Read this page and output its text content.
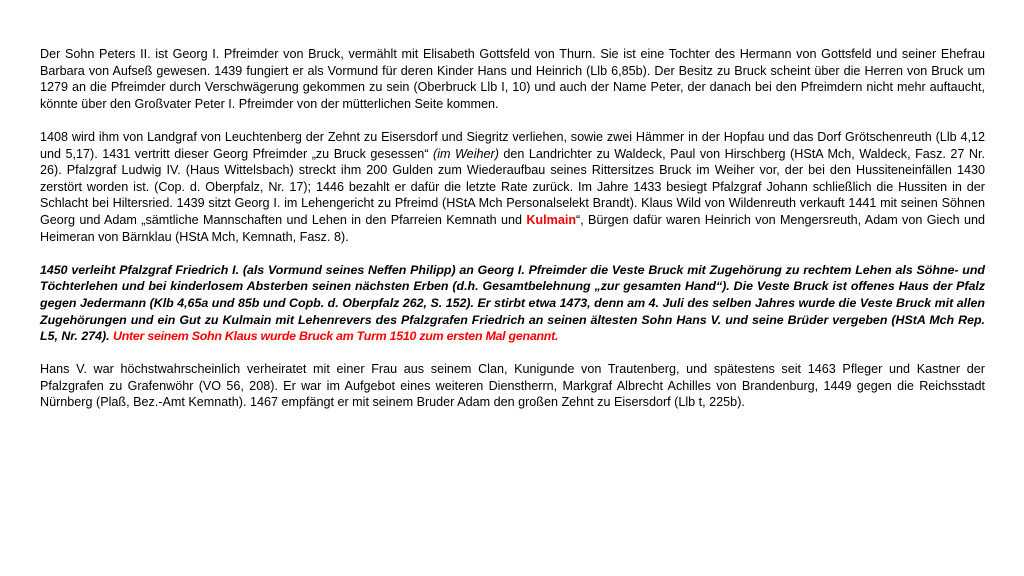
Der Sohn Peters II. ist Georg I. Pfreimder von Bruck, vermählt mit Elisabeth Gottsfeld von Thurn. Sie ist eine Tochter des Hermann von Gottsfeld und seiner Ehefrau Barbara von Aufseß gewesen. 1439 fungiert er als Vormund für deren Kinder Hans und Heinrich (Llb 6,85b). Der Besitz zu Bruck scheint über die Herren von Bruck um 1279 an die Pfreimder durch Verschwägerung gekommen zu sein (Oberbruck Llb I, 10) und auch der Name Peter, der danach bei den Pfreimdern nicht mehr auftaucht, könnte über den Großvater Peter I. Pfreimder von der mütterlichen Seite kommen.

1408 wird ihm von Landgraf von Leuchtenberg der Zehnt zu Eisersdorf und Siegritz verliehen, sowie zwei Hämmer in der Hopfau und das Dorf Grötschenreuth (Llb 4,12 und 5,17). 1431 vertritt dieser Georg Pfreimder „zu Bruck gesessen“ (im Weiher) den Landrichter zu Waldeck, Paul von Hirschberg (HStA Mch, Waldeck, Fasz. 27 Nr. 26). Pfalzgraf Ludwig IV. (Haus Wittelsbach) streckt ihm 200 Gulden zum Wiederaufbau seines Rittersitzes Bruck im Weiher vor, der bei den Hussiteneinfällen 1430 zerstört worden ist. (Cop. d. Oberpfalz, Nr. 17); 1446 bezahlt er dafür die letzte Rate zurück. Im Jahre 1433 besiegt Pfalzgraf Johann schließlich die Hussiten in der Schlacht bei Hiltersried. 1439 sitzt Georg I. im Lehengericht zu Pfreimd (HStA Mch Personalselekt Brandt). Klaus Wild von Wildenreuth verkauft 1441 mit seinen Söhnen Georg und Adam „sämtliche Mannschaften und Lehen in den Pfarreien Kemnath und Kulmain“, Bürgen dafür waren Heinrich von Mengersreuth, Adam von Giech und Heimeran von Bärnklau (HStA Mch, Kemnath, Fasz. 8).

1450 verleiht Pfalzgraf Friedrich I. (als Vormund seines Neffen Philipp) an Georg I. Pfreimder die Veste Bruck mit Zugehörung zu rechtem Lehen als Söhne- und Töchterlehen und bei kinderlosem Absterben seinen nächsten Erben (d.h. Gesamtbelehnung „zur gesamten Hand“). Die Veste Bruck ist offenes Haus der Pfalz gegen Jedermann (Klb 4,65a und 85b und Copb. d. Oberpfalz 262, S. 152). Er stirbt etwa 1473, denn am 4. Juli des selben Jahres wurde die Veste Bruck mit allen Zugehörungen und ein Gut zu Kulmain mit Lehenrevers des Pfalzgrafen Friedrich an seinen ältesten Sohn Hans V. und seine Brüder vergeben (HStA Mch Rep. L5, Nr. 274). Unter seinem Sohn Klaus wurde Bruck am Turm 1510 zum ersten Mal genannt.

Hans V. war höchstwahrscheinlich verheiratet mit einer Frau aus seinem Clan, Kunigunde von Trautenberg, und spätestens seit 1463 Pfleger und Kastner der Pfalzgrafen zu Grafenwöhr (VO 56, 208). Er war im Aufgebot eines weiteren Dienstherrn, Markgraf Albrecht Achilles von Brandenburg, 1449 gegen die Reichsstadt Nürnberg (Plaß, Bez.-Amt Kemnath). 1467 empfängt er mit seinem Bruder Adam den großen Zehnt zu Eisersdorf (Llb t, 225b).
